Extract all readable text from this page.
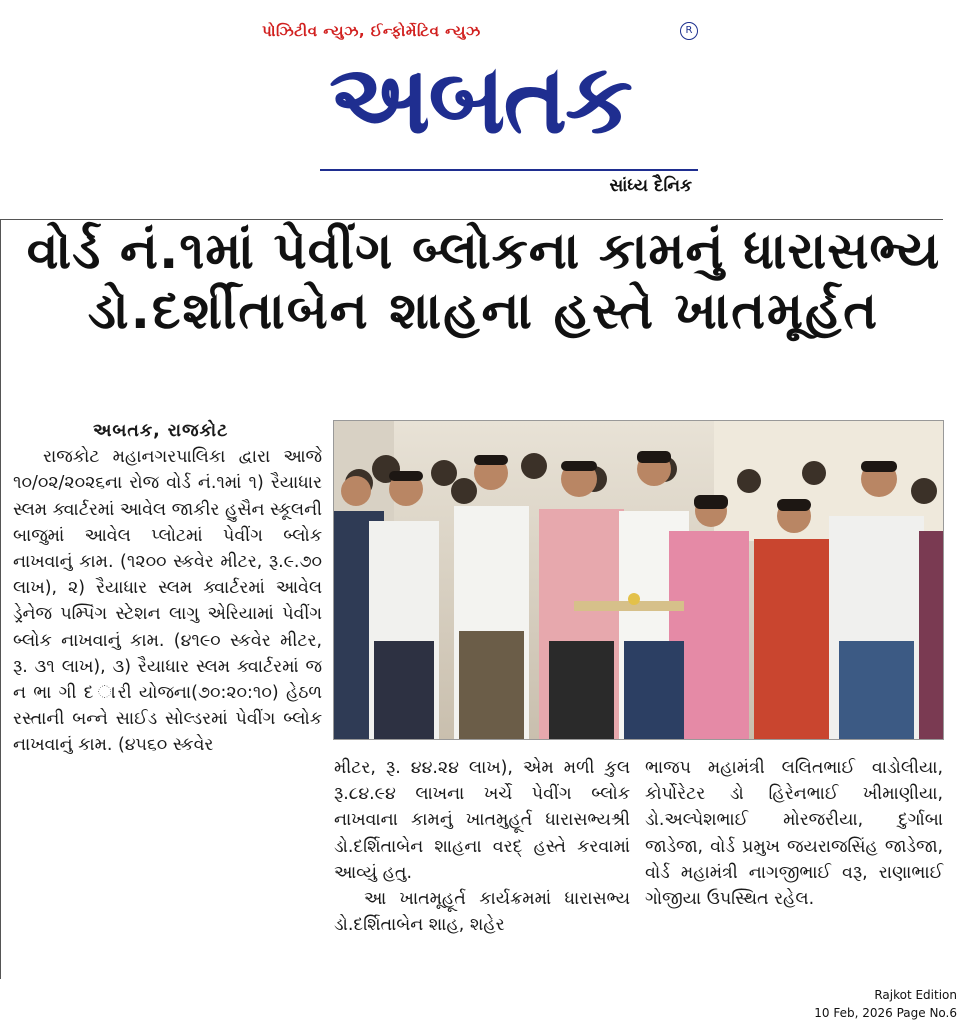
પોઝિટીવ ન્યુઝ, ઈન્ફોર્મેટિવ ન્યુઝ	R
અબતક
સાંધ્ય દૈનિક
વોર્ડ નં.૧માં પેવીંગ બ્લોકના કામનું ધારાસભ્ય
ડો.દર્શીતાબેન શાહના હસ્તે ખાતમૂર્હત

અબતક, રાજકોટ

રાજકોટ મહાનગરપાલિકા દ્વારા આજે ૧૦/૦૨/૨૦૨૬ના રોજ વોર્ડ નં.૧માં ૧) રૈયાધાર સ્લમ ક્વાર્ટરમાં આવેલ જાકીર હુસૈન સ્કૂલની બાજુમાં આવેલ પ્લોટમાં પેવીંગ બ્લોક નાખવાનું કામ. (૧૨૦૦ સ્કવેર મીટર, રૂ.૯.૭૦ લાખ), ૨) રૈયાધાર સ્લમ ક્વાર્ટરમાં આવેલ ડ્રેનેજ પમ્પિંગ સ્ટેશન લાગુ એરિયામાં પેવીંગ બ્લોક નાખવાનું કામ. (૪૧૯૦ સ્કવેર મીટર, રૂ. ૩૧ લાખ), ૩) રૈયાધાર સ્લમ ક્વાર્ટરમાં જ ન ભા ગી દ ારી યોજના(૭૦:૨૦:૧૦) હેઠળ રસ્તાની બન્ને સાઈડ સોલ્ડરમાં પેવીંગ બ્લોક નાખવાનું કામ. (૪૫૬૦ સ્કવેર

મીટર, રૂ. ૪૪.૨૪ લાખ), એમ મળી કુલ રૂ.૮૪.૯૪ લાખના ખર્ચે પેવીંગ બ્લોક નાખવાના કામનું ખાતમુહૂર્ત ધારાસભ્યશ્રી ડો.દર્શિતાબેન શાહના વરદ્ હસ્તે કરવામાં આવ્યું હતુ.

આ ખાતમૂહૂર્ત કાર્યક્રમમાં ધારાસભ્ય ડો.દર્શિતાબેન શાહ, શહેર

ભાજપ મહામંત્રી લલિતભાઈ વાડોલીયા, કોર્પોરેટર ડો હિરેનભાઈ ખીમાણીયા, ડો.અલ્પેશભાઈ મોરજરીયા, દુર્ગાબા જાડેજા, વોર્ડ પ્રમુખ જયરાજસિંહ જાડેજા, વોર્ડ મહામંત્રી નાગજીભાઈ વરૂ, રાણાભાઈ ગોજીયા ઉપસ્થિત રહેલ.

Rajkot Edition
10 Feb, 2026 Page No.6
